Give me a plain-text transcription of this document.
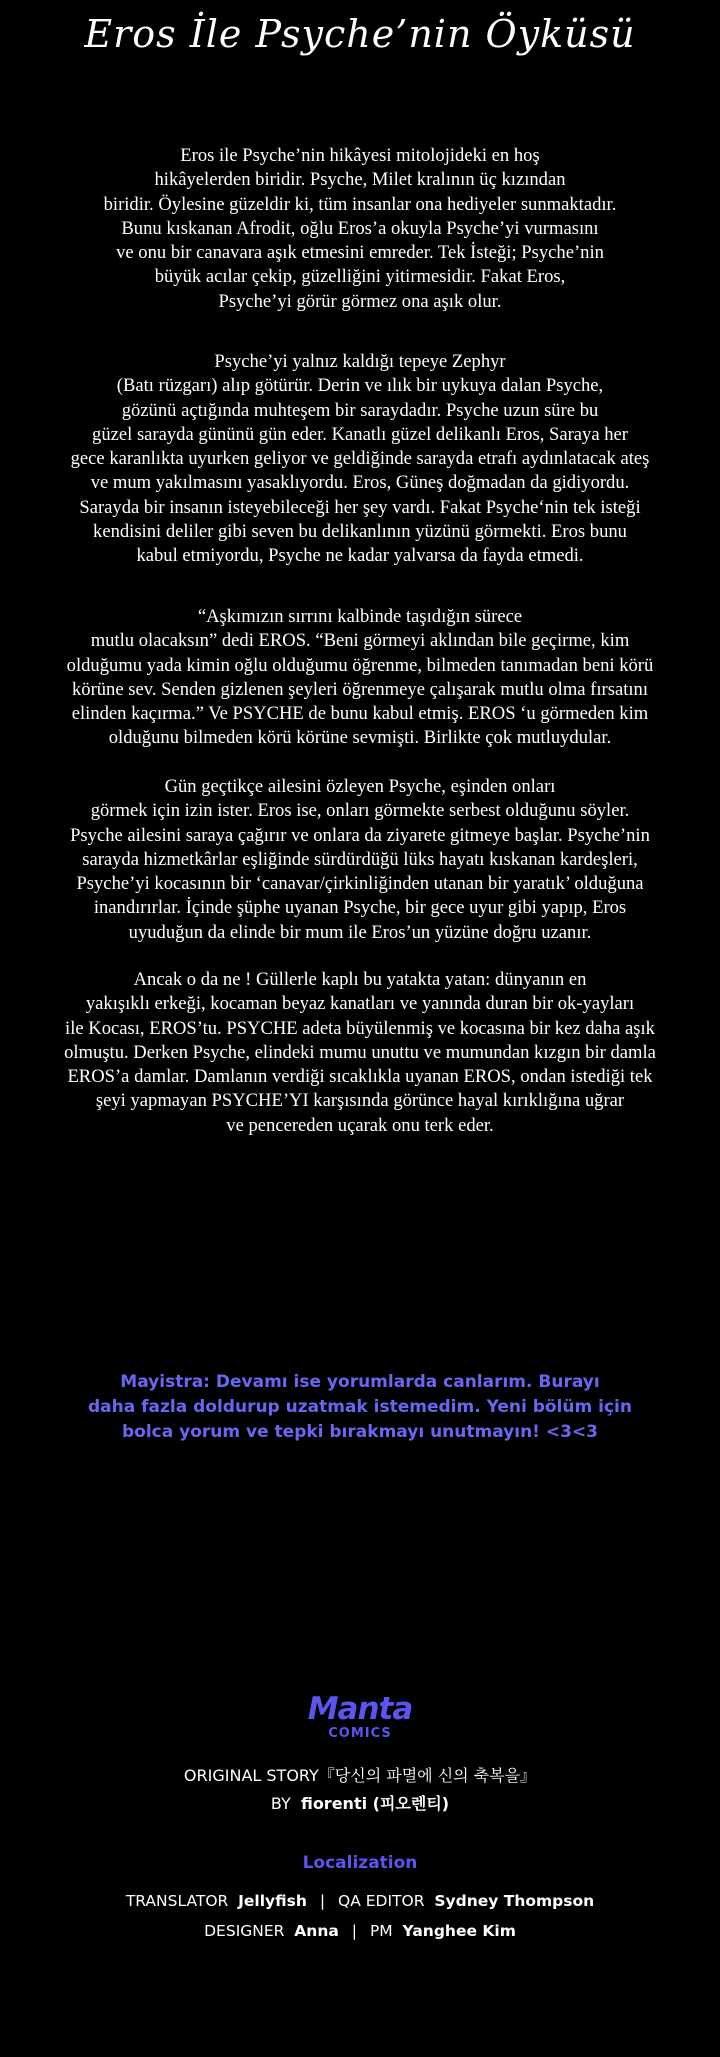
Eros İle Psyche’nin Öyküsü
Eros ile Psyche’nin hikâyesi mitolojideki en hoş
hikâyelerden biridir. Psyche, Milet kralının üç kızından
biridir. Öylesine güzeldir ki, tüm insanlar ona hediyeler sunmaktadır.
Bunu kıskanan Afrodit, oğlu Eros’a okuyla Psyche’yi vurmasını
ve onu bir canavara aşık etmesini emreder. Tek İsteği; Psyche’nin
büyük acılar çekip, güzelliğini yitirmesidir. Fakat Eros,
Psyche’yi görür görmez ona aşık olur.
Psyche’yi yalnız kaldığı tepeye Zephyr
(Batı rüzgarı) alıp götürür. Derin ve ılık bir uykuya dalan Psyche,
gözünü açtığında muhteşem bir saraydadır. Psyche uzun süre bu
güzel sarayda gününü gün eder. Kanatlı güzel delikanlı Eros, Saraya her
gece karanlıkta uyurken geliyor ve geldiğinde sarayda etrafı aydınlatacak ateş
ve mum yakılmasını yasaklıyordu. Eros, Güneş doğmadan da gidiyordu.
Sarayda bir insanın isteyebileceği her şey vardı. Fakat Psyche‘nin tek isteği
kendisini deliler gibi seven bu delikanlının yüzünü görmekti. Eros bunu
kabul etmiyordu, Psyche ne kadar yalvarsa da fayda etmedi.
“Aşkımızın sırrını kalbinde taşıdığın sürece
mutlu olacaksın” dedi EROS. “Beni görmeyi aklından bile geçirme, kim
olduğumu yada kimin oğlu olduğumu öğrenme, bilmeden tanımadan beni körü
körüne sev. Senden gizlenen şeyleri öğrenmeye çalışarak mutlu olma fırsatını
elinden kaçırma.” Ve PSYCHE de bunu kabul etmiş. EROS ‘u görmeden kim
olduğunu bilmeden körü körüne sevmişti. Birlikte çok mutluydular.
Gün geçtikçe ailesini özleyen Psyche, eşinden onları
görmek için izin ister. Eros ise, onları görmekte serbest olduğunu söyler.
Psyche ailesini saraya çağırır ve onlara da ziyarete gitmeye başlar. Psyche’nin
sarayda hizmetkârlar eşliğinde sürdürdüğü lüks hayatı kıskanan kardeşleri,
Psyche’yi kocasının bir ‘canavar/çirkinliğinden utanan bir yaratık’ olduğuna
inandırırlar. İçinde şüphe uyanan Psyche, bir gece uyur gibi yapıp, Eros
uyuduğun da elinde bir mum ile Eros’un yüzüne doğru uzanır.
Ancak o da ne ! Güllerle kaplı bu yatakta yatan: dünyanın en
yakışıklı erkeği, kocaman beyaz kanatları ve yanında duran bir ok-yayları
ile Kocası, EROS’tu. PSYCHE adeta büyülenmiş ve kocasına bir kez daha aşık
olmuştu. Derken Psyche, elindeki mumu unuttu ve mumundan kızgın bir damla
EROS’a damlar. Damlanın verdiği sıcaklıkla uyanan EROS, ondan istediği tek
şeyi yapmayan PSYCHE’YI karşısında görünce hayal kırıklığına uğrar
ve pencereden uçarak onu terk eder.
Mayistra: Devamı ise yorumlarda canlarım. Burayı
daha fazla doldurup uzatmak istemedim. Yeni bölüm için
bolca yorum ve tepki bırakmayı unutmayın! <3<3
Manta
COMICS
ORIGINAL STORY『당신의 파멸에 신의 축복을』
BY fiorenti (피오렌티)
Localization
TRANSLATOR Jellyfish | QA EDITOR Sydney Thompson
DESIGNER Anna | PM Yanghee Kim
